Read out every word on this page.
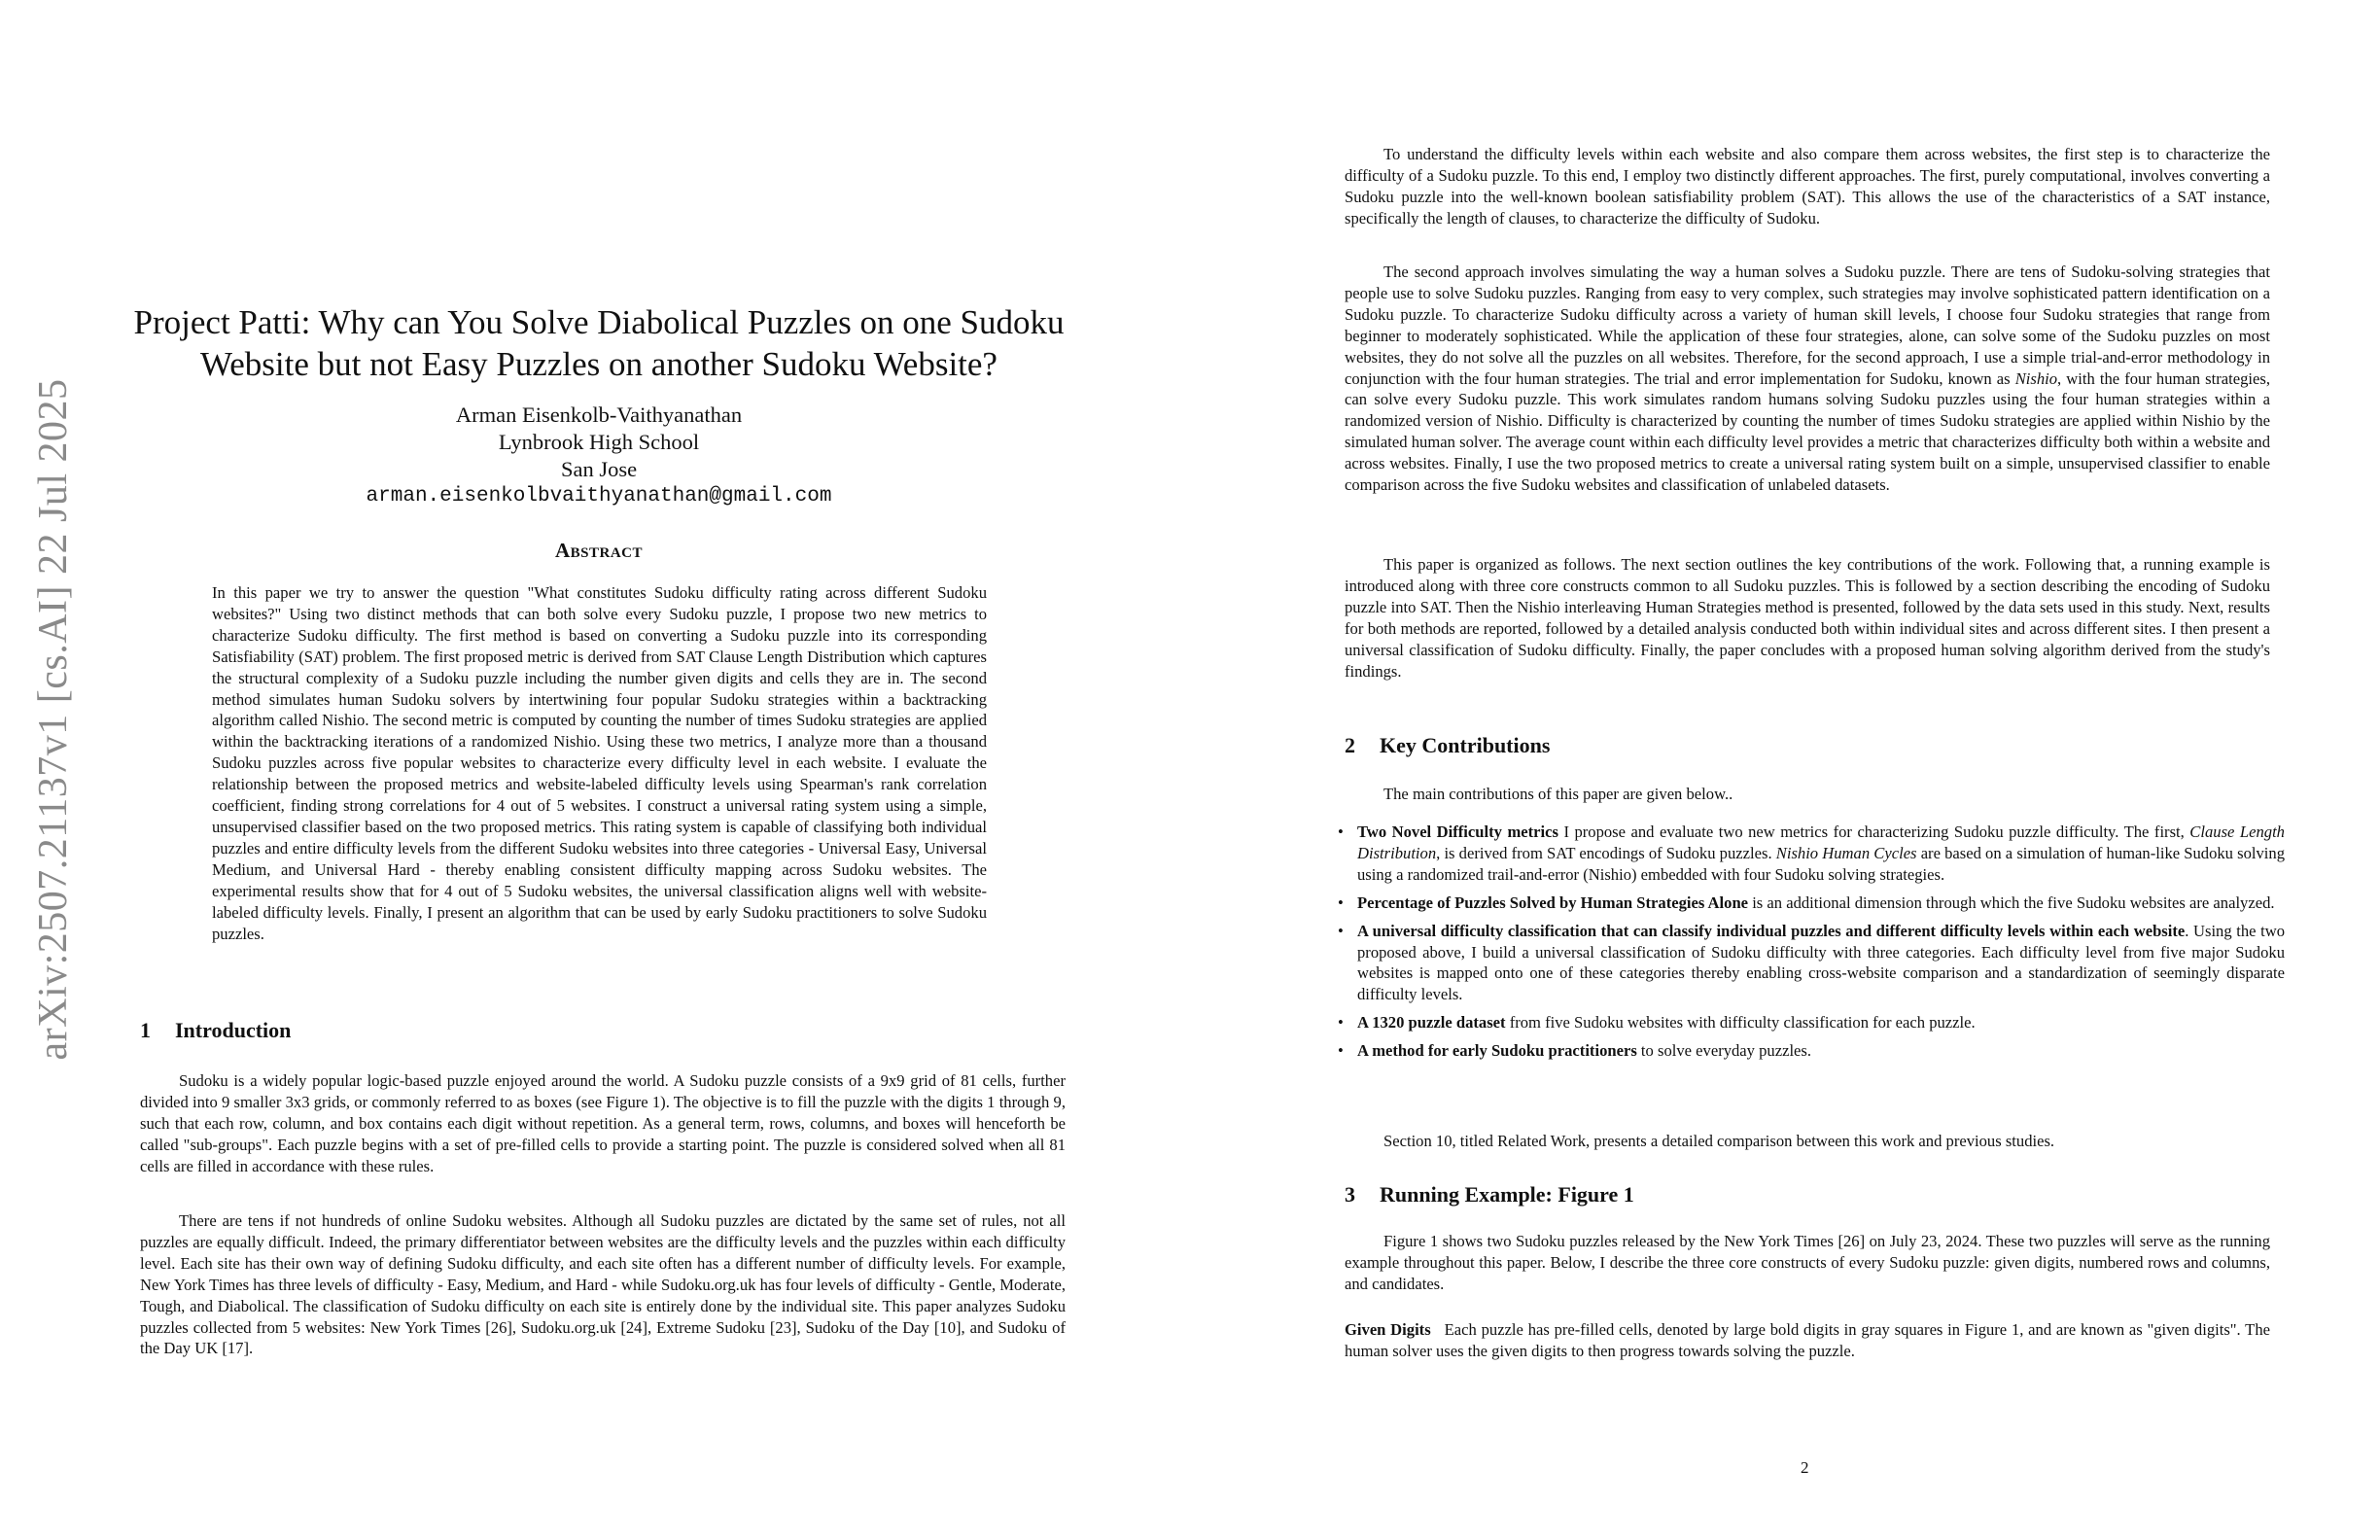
arXiv:2507.21137v1 [cs.AI] 22 Jul 2025
Project Patti: Why can You Solve Diabolical Puzzles on one Sudoku Website but not Easy Puzzles on another Sudoku Website?
Arman Eisenkolb-Vaithyanathan
Lynbrook High School
San Jose
arman.eisenkolbvaithyanathan@gmail.com
Abstract

In this paper we try to answer the question "What constitutes Sudoku difficulty rating across different Sudoku websites?" Using two distinct methods that can both solve every Sudoku puzzle, I propose two new metrics to characterize Sudoku difficulty. The first method is based on converting a Sudoku puzzle into its corresponding Satisfiability (SAT) problem. The first proposed metric is derived from SAT Clause Length Distribution which captures the structural complexity of a Sudoku puzzle including the number given digits and cells they are in. The second method simulates human Sudoku solvers by intertwining four popular Sudoku strategies within a backtracking algorithm called Nishio. The second metric is computed by counting the number of times Sudoku strategies are applied within the backtracking iterations of a randomized Nishio. Using these two metrics, I analyze more than a thousand Sudoku puzzles across five popular websites to characterize every difficulty level in each website. I evaluate the relationship between the proposed metrics and website-labeled difficulty levels using Spearman's rank correlation coefficient, finding strong correlations for 4 out of 5 websites. I construct a universal rating system using a simple, unsupervised classifier based on the two proposed metrics. This rating system is capable of classifying both individual puzzles and entire difficulty levels from the different Sudoku websites into three categories - Universal Easy, Universal Medium, and Universal Hard - thereby enabling consistent difficulty mapping across Sudoku websites. The experimental results show that for 4 out of 5 Sudoku websites, the universal classification aligns well with website-labeled difficulty levels. Finally, I present an algorithm that can be used by early Sudoku practitioners to solve Sudoku puzzles.

1 Introduction

Sudoku is a widely popular logic-based puzzle enjoyed around the world. A Sudoku puzzle consists of a 9x9 grid of 81 cells, further divided into 9 smaller 3x3 grids, or commonly referred to as boxes (see Figure 1). The objective is to fill the puzzle with the digits 1 through 9, such that each row, column, and box contains each digit without repetition. As a general term, rows, columns, and boxes will henceforth be called "sub-groups". Each puzzle begins with a set of pre-filled cells to provide a starting point. The puzzle is considered solved when all 81 cells are filled in accordance with these rules.

There are tens if not hundreds of online Sudoku websites. Although all Sudoku puzzles are dictated by the same set of rules, not all puzzles are equally difficult. Indeed, the primary differentiator between websites are the difficulty levels and the puzzles within each difficulty level. Each site has their own way of defining Sudoku difficulty, and each site often has a different number of difficulty levels. For example, New York Times has three levels of difficulty - Easy, Medium, and Hard - while Sudoku.org.uk has four levels of difficulty - Gentle, Moderate, Tough, and Diabolical. The classification of Sudoku difficulty on each site is entirely done by the individual site. This paper analyzes Sudoku puzzles collected from 5 websites: New York Times [26], Sudoku.org.uk [24], Extreme Sudoku [23], Sudoku of the Day [10], and Sudoku of the Day UK [17].

To understand the difficulty levels within each website and also compare them across websites, the first step is to characterize the difficulty of a Sudoku puzzle. To this end, I employ two distinctly different approaches. The first, purely computational, involves converting a Sudoku puzzle into the well-known boolean satisfiability problem (SAT). This allows the use of the characteristics of a SAT instance, specifically the length of clauses, to characterize the difficulty of Sudoku.

The second approach involves simulating the way a human solves a Sudoku puzzle. There are tens of Sudoku-solving strategies that people use to solve Sudoku puzzles. Ranging from easy to very complex, such strategies may involve sophisticated pattern identification on a Sudoku puzzle. To characterize Sudoku difficulty across a variety of human skill levels, I choose four Sudoku strategies that range from beginner to moderately sophisticated. While the application of these four strategies, alone, can solve some of the Sudoku puzzles on most websites, they do not solve all the puzzles on all websites. Therefore, for the second approach, I use a simple trial-and-error methodology in conjunction with the four human strategies. The trial and error implementation for Sudoku, known as Nishio, with the four human strategies, can solve every Sudoku puzzle. This work simulates random humans solving Sudoku puzzles using the four human strategies within a randomized version of Nishio. Difficulty is characterized by counting the number of times Sudoku strategies are applied within Nishio by the simulated human solver. The average count within each difficulty level provides a metric that characterizes difficulty both within a website and across websites. Finally, I use the two proposed metrics to create a universal rating system built on a simple, unsupervised classifier to enable comparison across the five Sudoku websites and classification of unlabeled datasets.

This paper is organized as follows. The next section outlines the key contributions of the work. Following that, a running example is introduced along with three core constructs common to all Sudoku puzzles. This is followed by a section describing the encoding of Sudoku puzzle into SAT. Then the Nishio interleaving Human Strategies method is presented, followed by the data sets used in this study. Next, results for both methods are reported, followed by a detailed analysis conducted both within individual sites and across different sites. I then present a universal classification of Sudoku difficulty. Finally, the paper concludes with a proposed human solving algorithm derived from the study's findings.

2 Key Contributions

The main contributions of this paper are given below..

• Two Novel Difficulty metrics I propose and evaluate two new metrics for characterizing Sudoku puzzle difficulty. The first, Clause Length Distribution, is derived from SAT encodings of Sudoku puzzles. Nishio Human Cycles are based on a simulation of human-like Sudoku solving using a randomized trail-and-error (Nishio) embedded with four Sudoku solving strategies.
• Percentage of Puzzles Solved by Human Strategies Alone is an additional dimension through which the five Sudoku websites are analyzed.
• A universal difficulty classification that can classify individual puzzles and different difficulty levels within each website. Using the two proposed above, I build a universal classification of Sudoku difficulty with three categories. Each difficulty level from five major Sudoku websites is mapped onto one of these categories thereby enabling cross-website comparison and a standardization of seemingly disparate difficulty levels.
• A 1320 puzzle dataset from five Sudoku websites with difficulty classification for each puzzle.
• A method for early Sudoku practitioners to solve everyday puzzles.

Section 10, titled Related Work, presents a detailed comparison between this work and previous studies.

3 Running Example: Figure 1

Figure 1 shows two Sudoku puzzles released by the New York Times [26] on July 23, 2024. These two puzzles will serve as the running example throughout this paper. Below, I describe the three core constructs of every Sudoku puzzle: given digits, numbered rows and columns, and candidates.

Given Digits Each puzzle has pre-filled cells, denoted by large bold digits in gray squares in Figure 1, and are known as "given digits". The human solver uses the given digits to then progress towards solving the puzzle.

2
